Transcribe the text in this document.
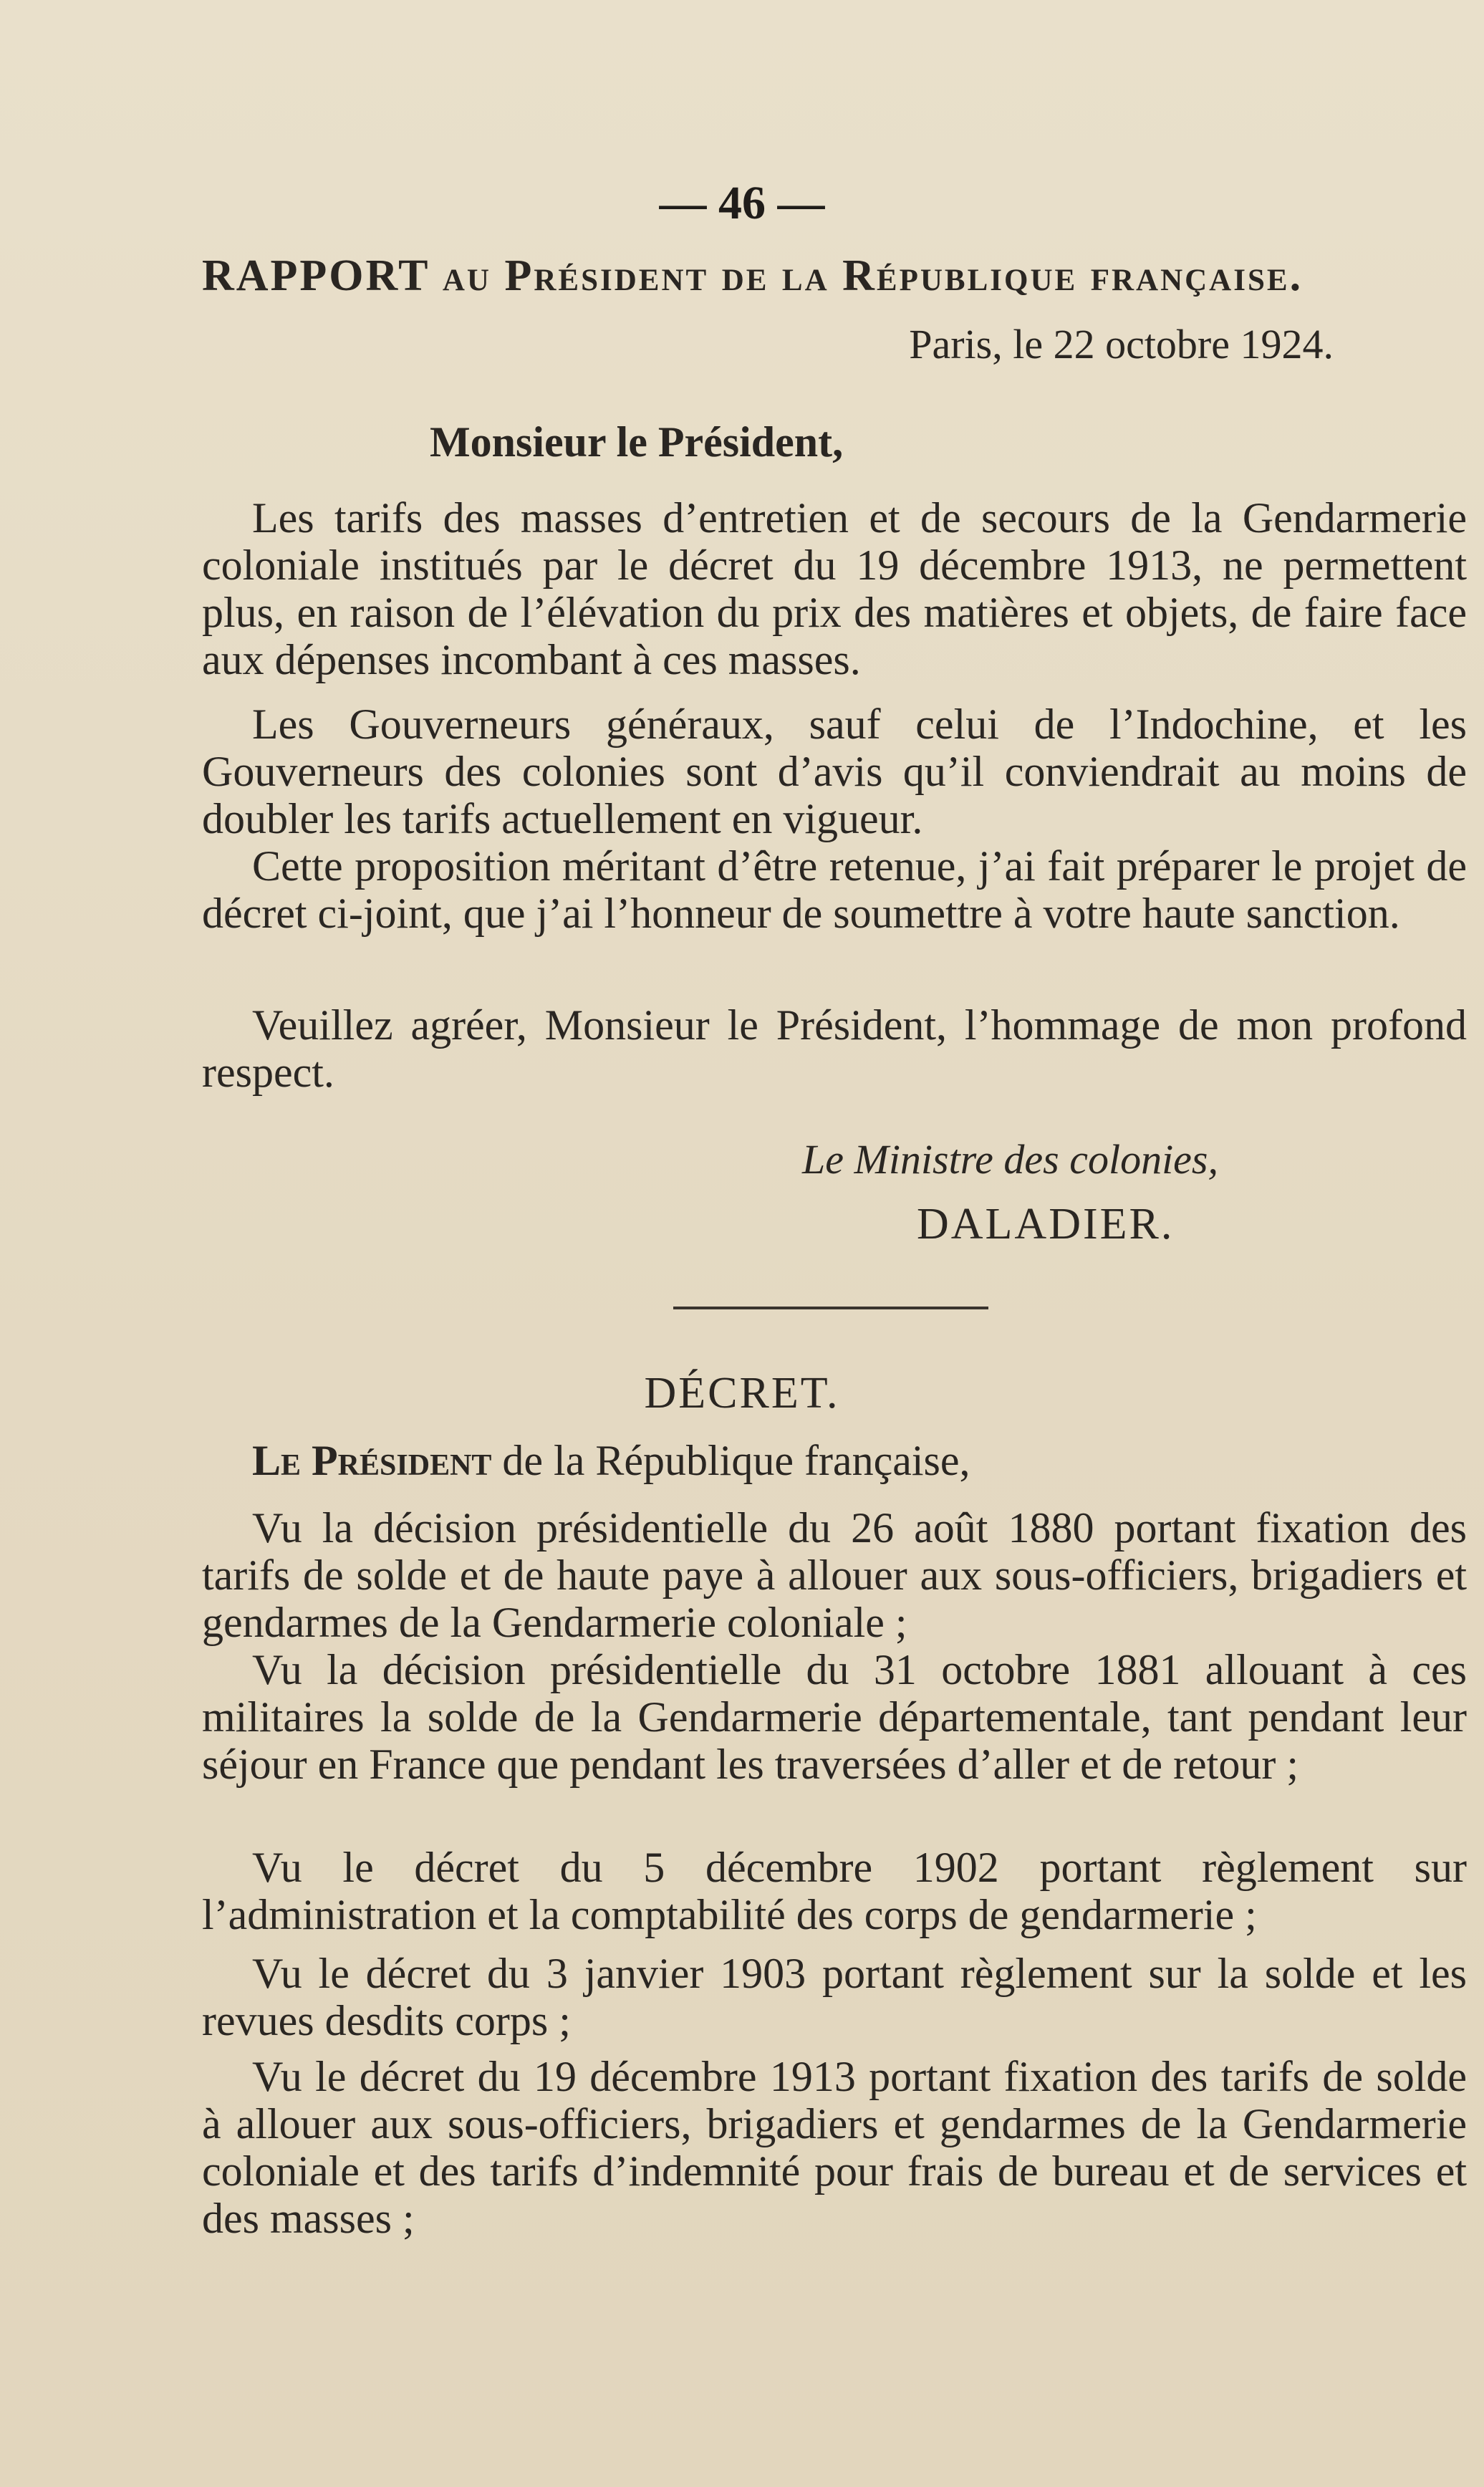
— 46 —
RAPPORT au Président de la République française.
Paris, le 22 octobre 1924.
Monsieur le Président,

Les tarifs des masses d’entretien et de secours de la Gendarmerie coloniale institués par le décret du 19 décembre 1913, ne permettent plus, en raison de l’élévation du prix des matières et objets, de faire face aux dépenses incombant à ces masses.

Les Gouverneurs généraux, sauf celui de l’Indochine, et les Gouverneurs des colonies sont d’avis qu’il conviendrait au moins de doubler les tarifs actuellement en vigueur.

Cette proposition méritant d’être retenue, j’ai fait préparer le projet de décret ci-joint, que j’ai l’honneur de soumettre à votre haute sanction.

Veuillez agréer, Monsieur le Président, l’hommage de mon profond respect.

Le Ministre des colonies,
DALADIER.
DÉCRET.

Le Président de la République française,

Vu la décision présidentielle du 26 août 1880 portant fixation des tarifs de solde et de haute paye à allouer aux sous-officiers, brigadiers et gendarmes de la Gendarmerie coloniale ;

Vu la décision présidentielle du 31 octobre 1881 allouant à ces militaires la solde de la Gendarmerie départementale, tant pendant leur séjour en France que pendant les traversées d’aller et de retour ;

Vu le décret du 5 décembre 1902 portant règlement sur l’administration et la comptabilité des corps de gendarmerie ;

Vu le décret du 3 janvier 1903 portant règlement sur la solde et les revues desdits corps ;

Vu le décret du 19 décembre 1913 portant fixation des tarifs de solde à allouer aux sous-officiers, brigadiers et gendarmes de la Gendarmerie coloniale et des tarifs d’indemnité pour frais de bureau et de services et des masses ;
